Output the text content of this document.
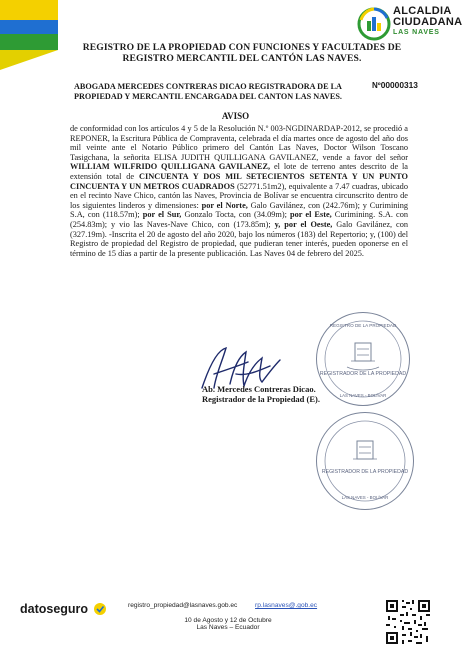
ALCALDIA
CIUDADANA
LAS NAVES
REGISTRO DE LA PROPIEDAD CON FUNCIONES Y FACULTADES DE
REGISTRO MERCANTIL DEL CANTÓN LAS NAVES.
ABOGADA MERCEDES CONTRERAS DICAO REGISTRADORA DE LA
PROPIEDAD Y MERCANTIL ENCARGADA DEL CANTON LAS NAVES.
Nº00000313
AVISO
de conformidad con los artículos 4 y 5 de la Resolución N.º 003-NGDINARDAP-2012, se procedió a REPONER, la Escritura Pública de Compraventa, celebrada el día martes once de agosto del año dos mil veinte ante el Notario Público primero del Cantón Las Naves, Doctor Wilson Toscano Tasigchana, la señorita ELISA JUDITH QUILLIGANA GAVILANEZ, vende a favor del señor WILLIAM WILFRIDO QUILLIGANA GAVILANEZ, el lote de terreno antes descrito de la extensión total de CINCUENTA Y DOS MIL SETECIENTOS SETENTA Y UN PUNTO CINCUENTA Y UN METROS CUADRADOS (52771.51m2), equivalente a 7.47 cuadras, ubicado en el recinto Nave Chico, cantón las Naves, Provincia de Bolívar se encuentra circunscrito dentro de los siguientes linderos y dimensiones: por el Norte, Galo Gavilánez, con (242.76m); y Curimining S.A, con (118.57m); por el Sur, Gonzalo Tocta, con (34.09m); por el Este, Curimining. S.A. con (254.83m); y vio las Naves-Nave Chico, con (173.85m); y, por el Oeste, Galo Gavilánez, con (327.19m). -Inscrita el 20 de agosto del año 2020, bajo los números (183) del Repertorio; y, (100) del Registro de propiedad del Registro de propiedad, que pudieran tener interés, pueden oponerse en el término de 15 días a partir de la presente publicación. Las Naves 04 de febrero del 2025.
Ab. Mercedes Contreras Dicao.
Registrador de la Propiedad (E).
REGISTRADOR DE LA PROPIEDAD
REGISTRO DE LA PROPIEDAD
LAS NAVES - BOLÍVAR
REGISTRADOR DE LA PROPIEDAD
LAS NAVES - BOLÍVAR
datoseguro	registro_propiedad@lasnaves.gob.ec	rp.lasnaves@.gob.ec
10 de Agosto y 12 de Octubre
Las Naves – Ecuador
